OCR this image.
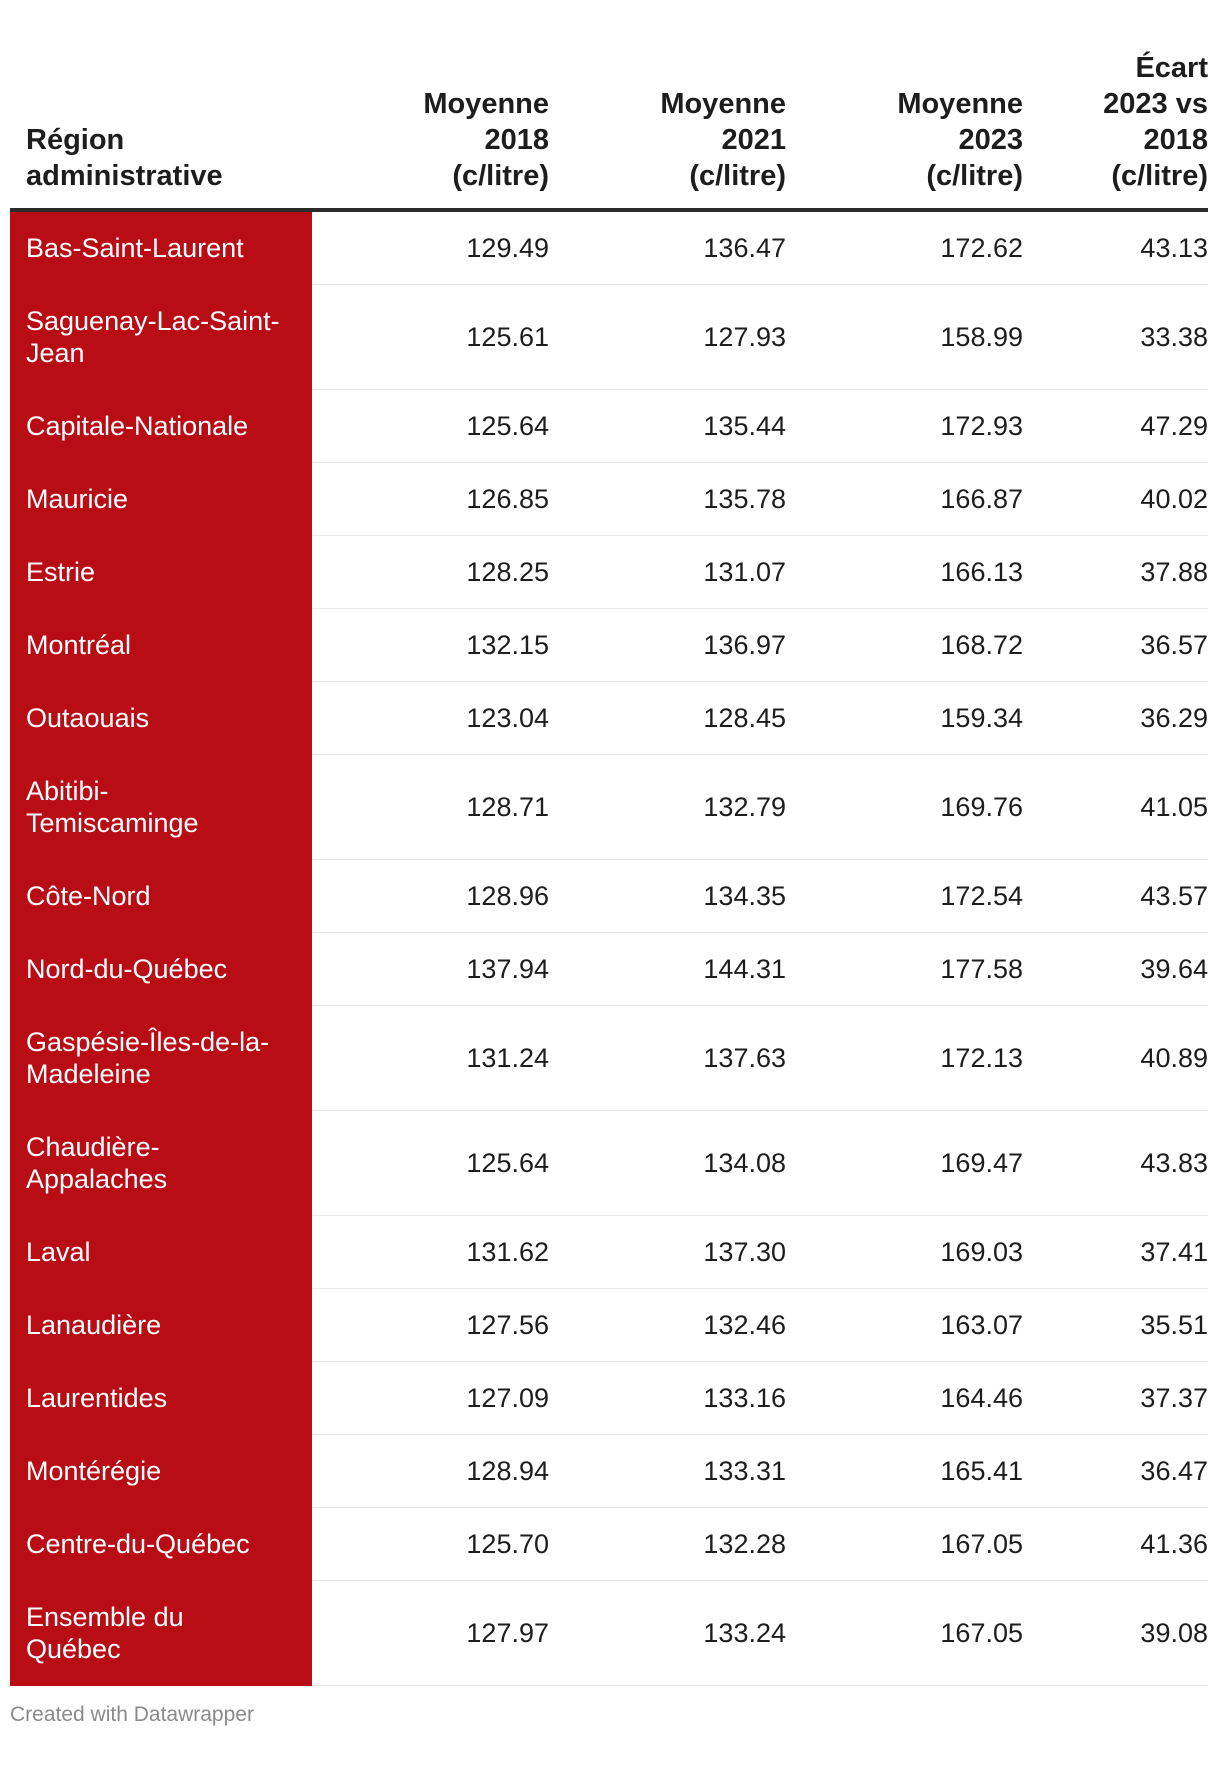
Région
administrative	Moyenne
2018
(c/litre)	Moyenne
2021
(c/litre)	Moyenne
2023
(c/litre)	Écart
2023 vs
2018
(c/litre)

Bas-Saint-Laurent	129.49	136.47	172.62	43.13

Saguenay-Lac-Saint-
Jean	125.61	127.93	158.99	33.38

Capitale-Nationale	125.64	135.44	172.93	47.29

Mauricie	126.85	135.78	166.87	40.02

Estrie	128.25	131.07	166.13	37.88

Montréal	132.15	136.97	168.72	36.57

Outaouais	123.04	128.45	159.34	36.29

Abitibi-
Temiscaminge	128.71	132.79	169.76	41.05

Côte-Nord	128.96	134.35	172.54	43.57

Nord-du-Québec	137.94	144.31	177.58	39.64

Gaspésie-Îles-de-la-
Madeleine	131.24	137.63	172.13	40.89

Chaudière-
Appalaches	125.64	134.08	169.47	43.83

Laval	131.62	137.30	169.03	37.41

Lanaudière	127.56	132.46	163.07	35.51

Laurentides	127.09	133.16	164.46	37.37

Montérégie	128.94	133.31	165.41	36.47

Centre-du-Québec	125.70	132.28	167.05	41.36

Ensemble du
Québec	127.97	133.24	167.05	39.08
Created with Datawrapper
